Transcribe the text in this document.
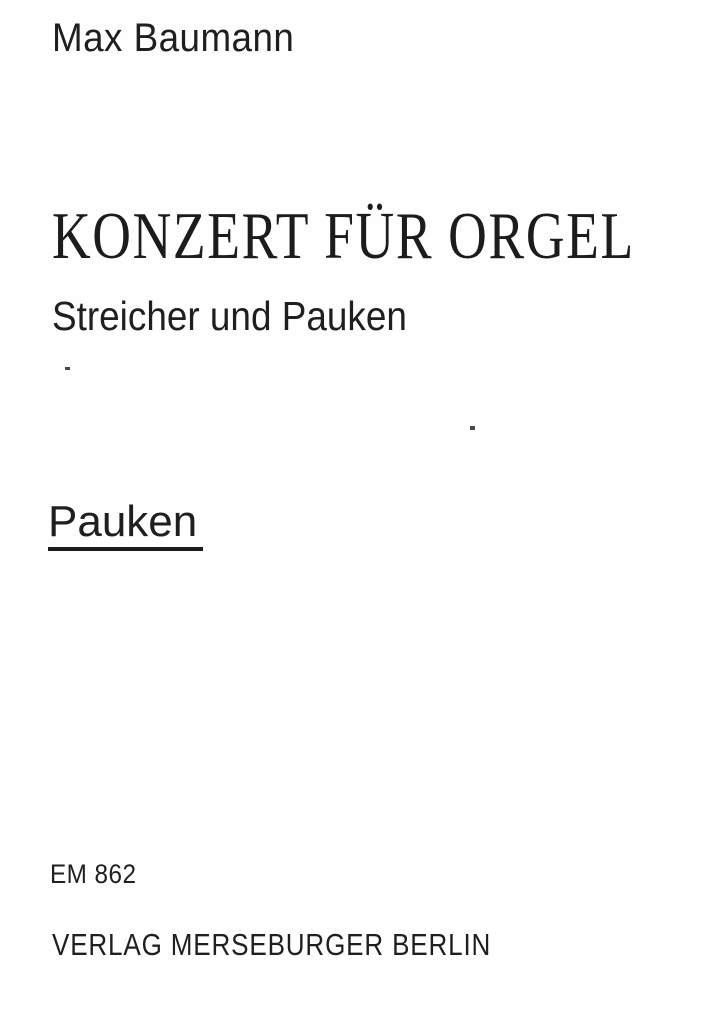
Max Baumann
KONZERT FÜR ORGEL
Streicher und Pauken
Pauken
EM 862
VERLAG MERSEBURGER BERLIN
